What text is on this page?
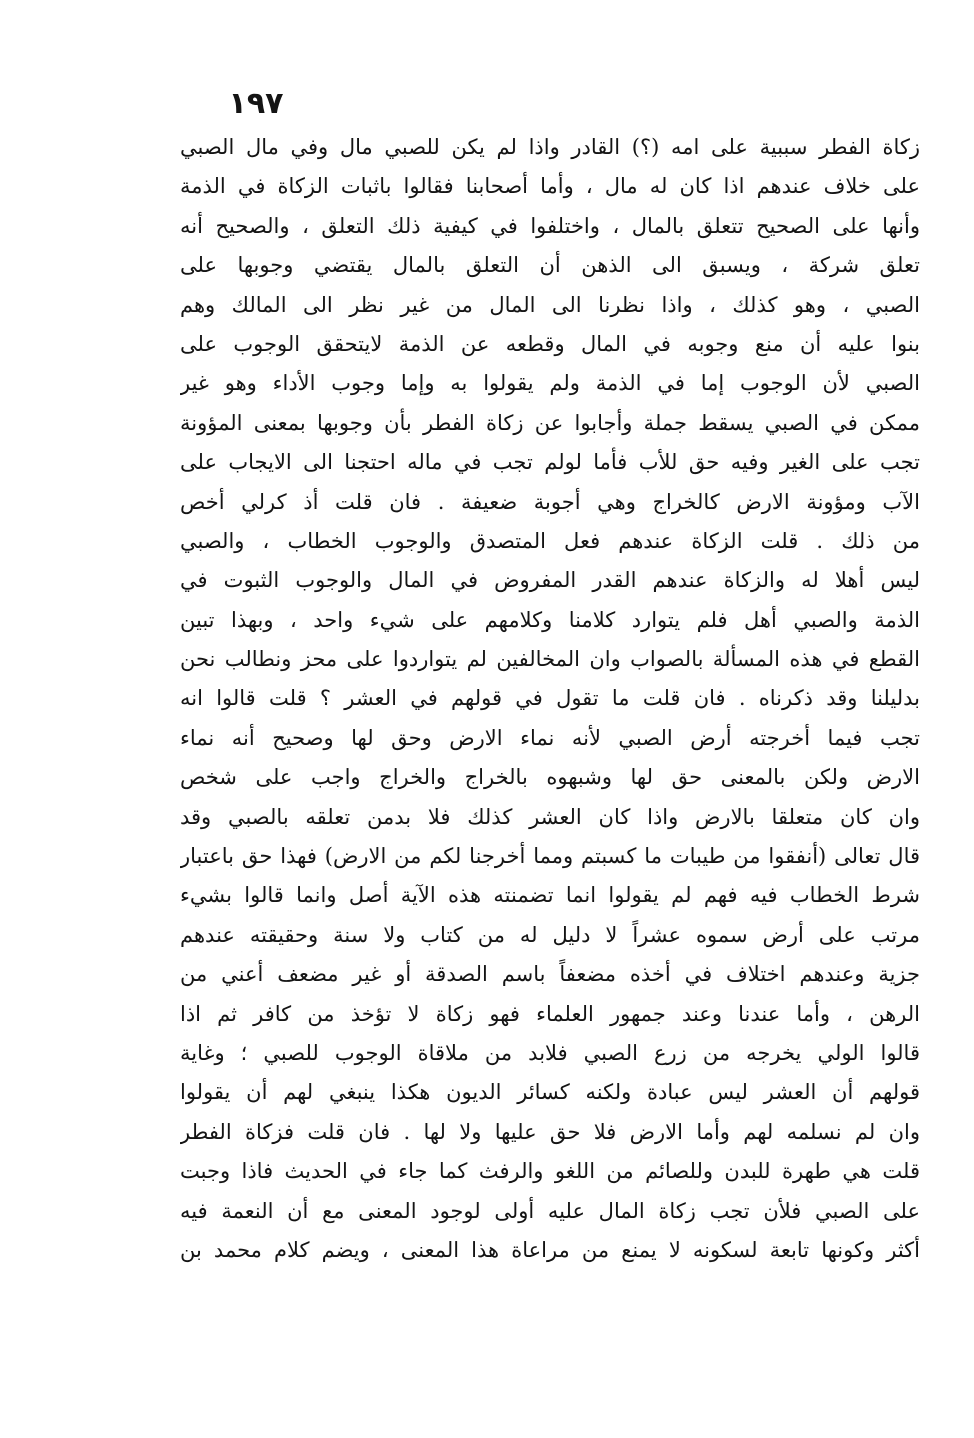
١٩٧
زكاة الفطر سببية على امه (؟) القادر واذا لم يكن للصبي مال وفي مال الصبي
على خلاف عندهم اذا كان له مال ، وأما أصحابنا فقالوا باثبات الزكاة في الذمة
وأنها على الصحيح تتعلق بالمال ، واختلفوا في كيفية ذلك التعلق ، والصحيح أنه
تعلق شركة ، ويسبق الى الذهن أن التعلق بالمال يقتضي وجوبها على
الصبي ، وهو كذلك ، واذا نظرنا الى المال من غير نظر الى المالك وهم
بنوا عليه أن منع وجوبه في المال وقطعه عن الذمة لايتحقق الوجوب على
الصبي لأن الوجوب إما في الذمة ولم يقولوا به وإما وجوب الأداء وهو غير
ممكن في الصبي يسقط جملة وأجابوا عن زكاة الفطر بأن وجوبها بمعنى المؤونة
تجب على الغير وفيه حق للأب فأما لولم تجب في ماله احتجنا الى الايجاب على
الآب ومؤونة الارض كالخراج وهي أجوبة ضعيفة . فان قلت أذ كرلي أخص
من ذلك . قلت الزكاة عندهم فعل المتصدق والوجوب الخطاب ، والصبي
ليس أهلا له والزكاة عندهم القدر المفروض في المال والوجوب الثبوت في
الذمة والصبي أهل فلم يتوارد كلامنا وكلامهم على شيء واحد ، وبهذا تبين
القطع في هذه المسألة بالصواب وان المخالفين لم يتواردوا على محز ونطالب نحن
بدليلنا وقد ذكرناه . فان قلت ما تقول في قولهم في العشر ؟ قلت قالوا انه
تجب فيما أخرجته أرض الصبي لأنه نماء الارض وحق لها وصحيح أنه نماء
الارض ولكن بالمعنى حق لها وشبهوه بالخراج والخراج واجب على شخص
وان كان متعلقا بالارض واذا كان العشر كذلك فلا بدمن تعلقه بالصبي وقد
قال تعالى (أنفقوا من طيبات ما كسبتم ومما أخرجنا لكم من الارض) فهذا حق باعتبار
شرط الخطاب فيه فهم لم يقولوا انما تضمنته هذه الآية أصل وانما قالوا بشيء
مرتب على أرض سموه عشراً لا دليل له من كتاب ولا سنة وحقيقته عندهم
جزية وعندهم اختلاف في أخذه مضعفاً باسم الصدقة أو غير مضعف أعني من
الرهن ، وأما عندنا وعند جمهور العلماء فهو زكاة لا تؤخذ من كافر ثم اذا
قالوا الولي يخرجه من زرع الصبي فلابد من ملاقاة الوجوب للصبي ؛ وغاية
قولهم أن العشر ليس عبادة ولكنه كسائر الديون هكذا ينبغي لهم أن يقولوا
وان لم نسلمه لهم وأما الارض فلا حق عليها ولا لها . فان قلت فزكاة الفطر
قلت هي طهرة للبدن وللصائم من اللغو والرفث كما جاء في الحديث فاذا وجبت
على الصبي فلأن تجب زكاة المال عليه أولى لوجود المعنى مع أن النعمة فيه
أكثر وكونها تابعة لسكونه لا يمنع من مراعاة هذا المعنى ، ويضم كلام محمد بن
